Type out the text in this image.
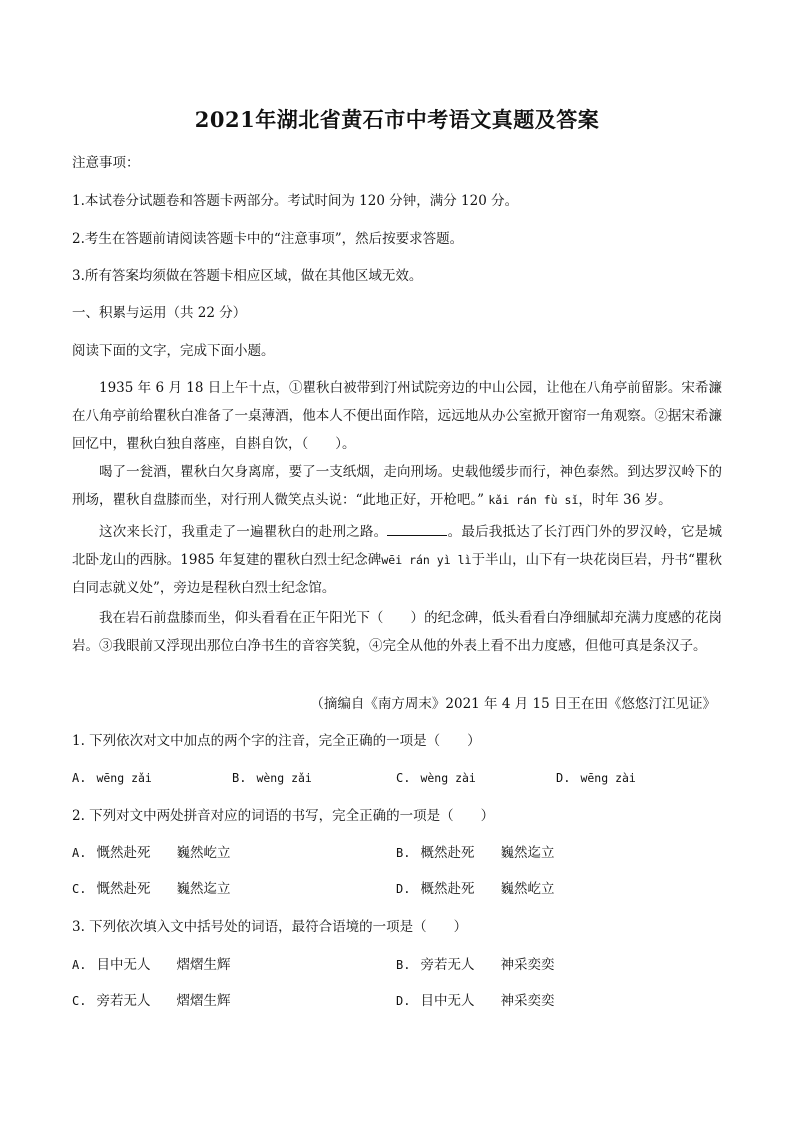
2021年湖北省黄石市中考语文真题及答案
注意事项：
1.本试卷分试题卷和答题卡两部分。考试时间为 120 分钟，满分 120 分。
2.考生在答题前请阅读答题卡中的“注意事项”，然后按要求答题。
3.所有答案均须做在答题卡相应区域，做在其他区域无效。
一、积累与运用（共 22 分）
阅读下面的文字，完成下面小题。
1935 年 6 月 18 日上午十点，①瞿秋白被带到汀州试院旁边的中山公园，让他在八角亭前留影。宋希濂在八角亭前给瞿秋白准备了一桌薄酒，他本人不便出面作陪，远远地从办公室掀开窗帘一角观察。②据宋希濂回忆中，瞿秋白独自落座，自斟自饮，（　　）。
喝了一瓮酒，瞿秋白欠身离席，要了一支纸烟，走向刑场。史载他缓步而行，神色泰然。到达罗汉岭下的刑场，瞿秋自盘膝而坐，对行刑人微笑点头说：“此地正好，开枪吧。” kǎi rán fù sǐ，时年 36 岁。
这次来长汀，我重走了一遍瞿秋白的赴刑之路。	。最后我抵达了长汀西门外的罗汉岭，它是城北卧龙山的西脉。1985 年复建的瞿秋白烈士纪念碑wēi rán yì lì于半山，山下有一块花岗巨岩，丹书“瞿秋白同志就义处”，旁边是程秋白烈士纪念馆。
我在岩石前盘膝而坐，仰头看看在正午阳光下（　　）的纪念碑，低头看看白净细腻却充满力度感的花岗岩。③我眼前又浮现出那位白净书生的音容笑貌，④完全从他的外表上看不出力度感，但他可真是条汉子。
（摘编自《南方周末》2021 年 4 月 15 日王在田《悠悠汀江见证》
1. 下列依次对文中加点的两个字的注音，完全正确的一项是（　　）
A. wēng zǎi	B. wèng zǎi	C. wèng zài	D. wēng zài
2. 下列对文中两处拼音对应的词语的书写，完全正确的一项是（　　）
A. 慨然赴死 巍然屹立	B. 概然赴死 巍然迄立
C. 慨然赴死 巍然迄立	D. 概然赴死 巍然屹立
3. 下列依次填入文中括号处的词语，最符合语境的一项是（　　）
A. 目中无人 熠熠生辉	B. 旁若无人 神采奕奕
C. 旁若无人 熠熠生辉	D. 目中无人 神采奕奕
